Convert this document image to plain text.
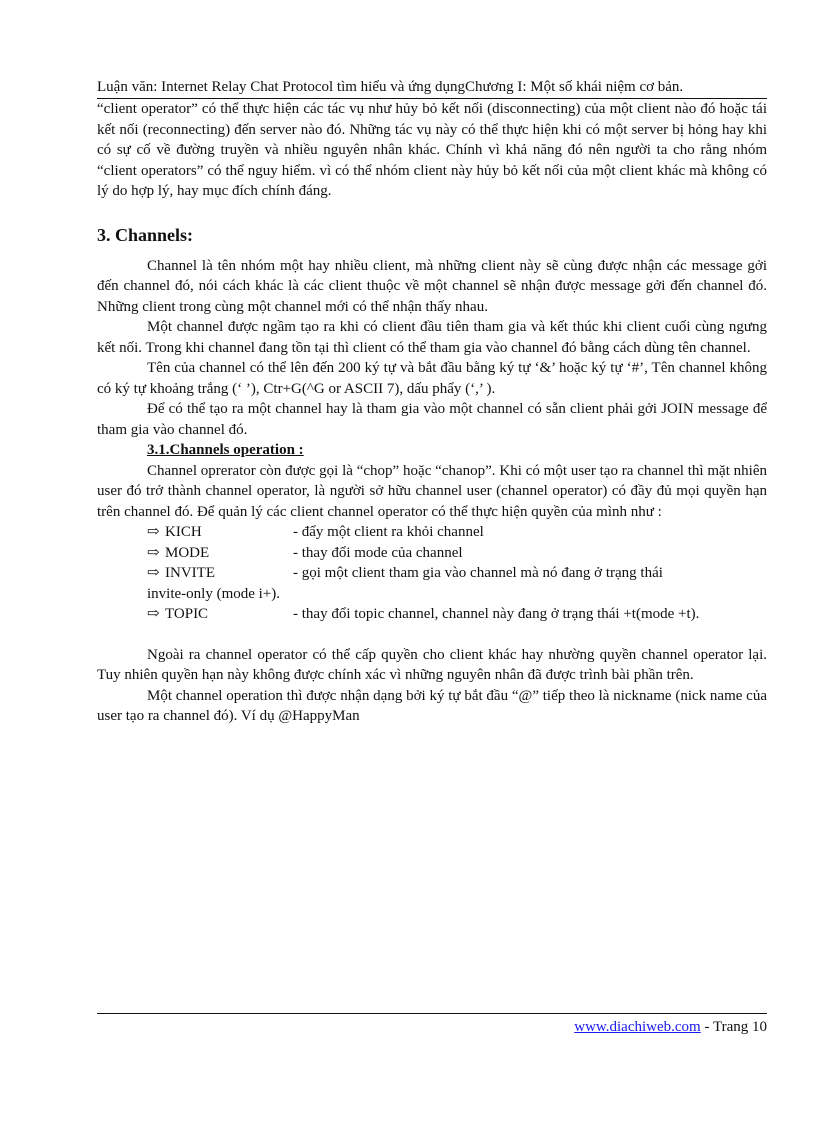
Luận văn: Internet Relay Chat Protocol tìm hiểu và ứng dụngChương I: Một số khái niệm cơ bản.

“client operator” có thể thực hiện các tác vụ như hủy bỏ kết nối (disconnecting) của một client nào đó hoặc tái kết nối (reconnecting) đến server nào đó. Những tác vụ này có thể thực hiện khi có một server bị hỏng hay khi có sự cố về đường truyền và nhiều nguyên nhân khác. Chính vì khả năng đó nên người ta cho rằng nhóm “client operators” có thể nguy hiểm. vì có thể nhóm client này hủy bỏ kết nối của một client khác mà không có lý do hợp lý, hay mục đích chính đáng.

3. Channels:

Channel là tên nhóm một hay nhiều client, mà những client này sẽ cùng được nhận các message gởi đến channel đó, nói cách khác là các client thuộc về một channel sẽ nhận được message gởi đến channel đó. Những client trong cùng một channel mới có thể nhận thấy nhau.

Một channel được ngầm tạo ra khi có client đầu tiên tham gia và kết thúc khi client cuối cùng ngưng kết nối. Trong khi channel đang tồn tại thì client có thể tham gia vào channel đó bằng cách dùng tên channel.

Tên của channel có thể lên đến 200 ký tự và bắt đầu bằng ký tự ‘&’ hoặc ký tự ‘#’, Tên channel không có ký tự khoảng trắng (‘ ’), Ctr+G(^G or ASCII 7), dấu phẩy (‘,’ ).

Để có thể tạo ra một channel hay là tham gia vào một channel có sẵn client phải gởi JOIN message để tham gia vào channel đó.

3.1.Channels operation :

Channel oprerator còn được gọi là “chop” hoặc “chanop”. Khi có một user tạo ra channel thì mặt nhiên user đó trở thành channel operator, là người sở hữu channel user (channel operator) có đầy đủ mọi quyền hạn trên channel đó. Để quản lý các client channel operator có thể thực hiện quyền của mình như :

⇨ KICH	- đẩy một client ra khỏi channel
⇨ MODE	- thay đổi mode của channel
⇨ INVITE	- gọi một client tham gia vào channel mà nó đang ở trạng thái
invite-only (mode i+).
⇨ TOPIC	- thay đổi topic channel, channel này đang ở trạng thái +t(mode +t).

Ngoài ra channel operator có thể cấp quyền cho client khác hay nhường quyền channel operator lại. Tuy nhiên quyền hạn này không được chính xác vì những nguyên nhân đã được trình bài phần trên.

Một channel operation thì được nhận dạng bởi ký tự bắt đầu “@” tiếp theo là nickname (nick name của user tạo ra channel đó). Ví dụ @HappyMan

www.diachiweb.com - Trang 10
